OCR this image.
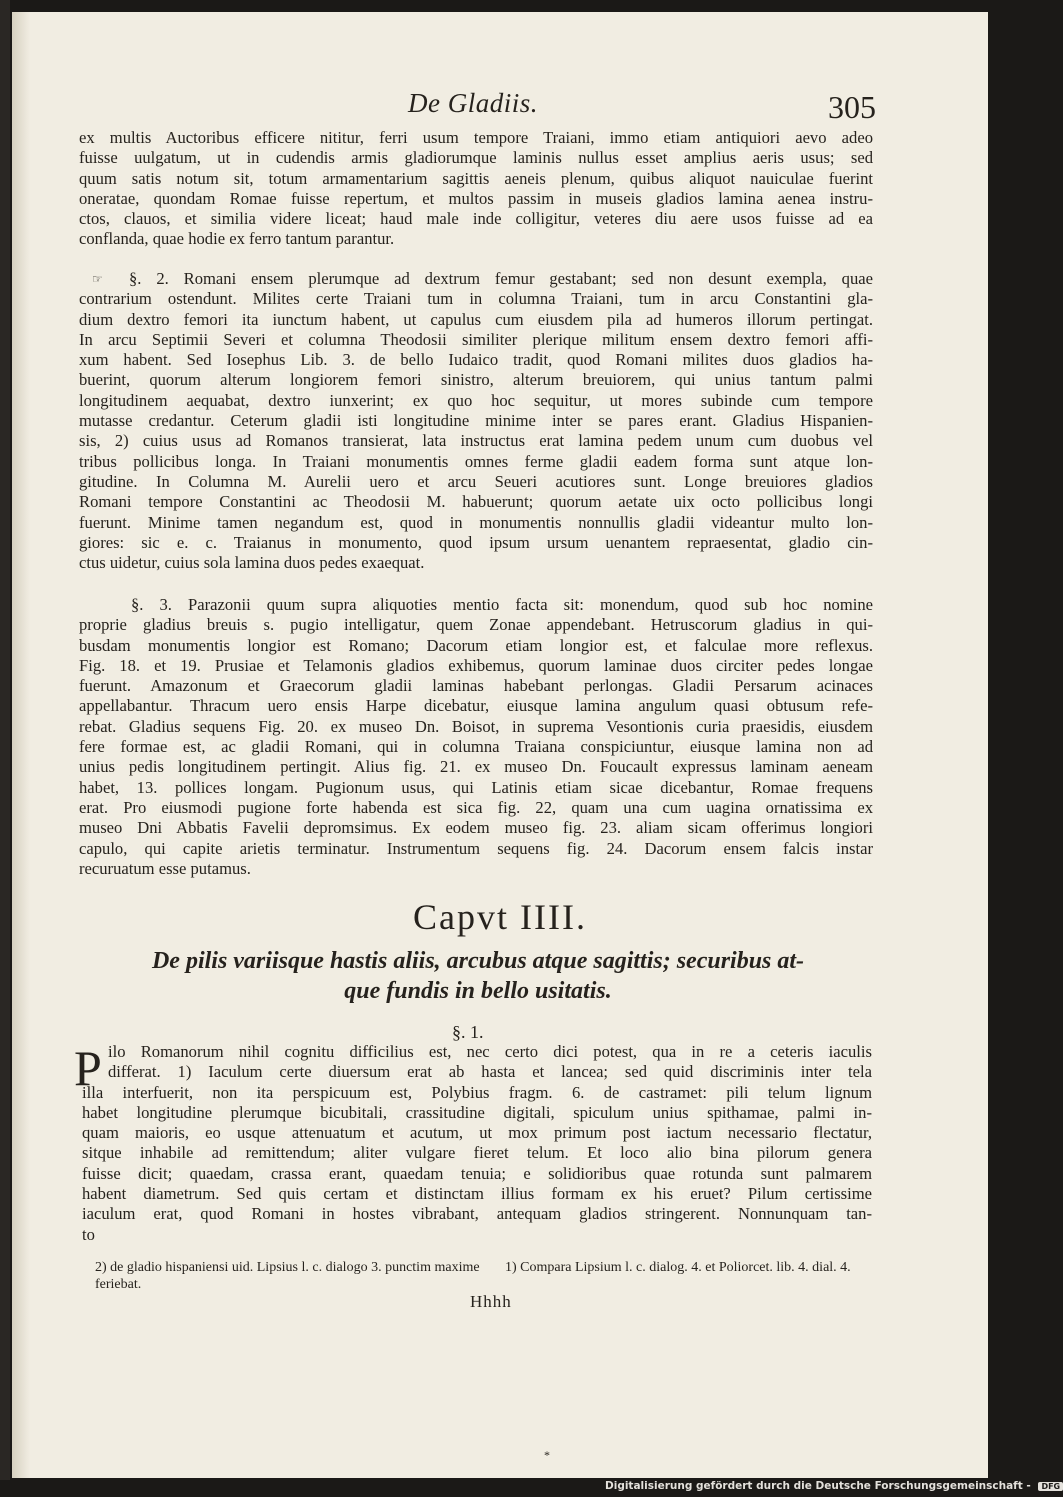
De Gladiis.	305
ex multis Auctoribus efficere nititur, ferri usum tempore Traiani, immo etiam antiquiori aevo adeo
fuisse uulgatum, ut in cudendis armis gladiorumque laminis nullus esset amplius aeris usus; sed
quum satis notum sit, totum armamentarium sagittis aeneis plenum, quibus aliquot nauiculae fuerint
oneratae, quondam Romae fuisse repertum, et multos passim in museis gladios lamina aenea instru-
ctos, clauos, et similia videre liceat; haud male inde colligitur, veteres diu aere usos fuisse ad ea
conflanda, quae hodie ex ferro tantum parantur.
☞	§. 2. Romani ensem plerumque ad dextrum femur gestabant; sed non desunt exempla, quae
contrarium ostendunt. Milites certe Traiani tum in columna Traiani, tum in arcu Constantini gla-
dium dextro femori ita iunctum habent, ut capulus cum eiusdem pila ad humeros illorum pertingat.
In arcu Septimii Severi et columna Theodosii similiter plerique militum ensem dextro femori affi-
xum habent. Sed Iosephus Lib. 3. de bello Iudaico tradit, quod Romani milites duos gladios ha-
buerint, quorum alterum longiorem femori sinistro, alterum breuiorem, qui unius tantum palmi
longitudinem aequabat, dextro iunxerint; ex quo hoc sequitur, ut mores subinde cum tempore
mutasse credantur. Ceterum gladii isti longitudine minime inter se pares erant. Gladius Hispanien-
sis, 2) cuius usus ad Romanos transierat, lata instructus erat lamina pedem unum cum duobus vel
tribus pollicibus longa. In Traiani monumentis omnes ferme gladii eadem forma sunt atque lon-
gitudine. In Columna M. Aurelii uero et arcu Seueri acutiores sunt. Longe breuiores gladios
Romani tempore Constantini ac Theodosii M. habuerunt; quorum aetate uix octo pollicibus longi
fuerunt. Minime tamen negandum est, quod in monumentis nonnullis gladii videantur multo lon-
giores: sic e. c. Traianus in monumento, quod ipsum ursum uenantem repraesentat, gladio cin-
ctus uidetur, cuius sola lamina duos pedes exaequat.
§. 3. Parazonii quum supra aliquoties mentio facta sit: monendum, quod sub hoc nomine
proprie gladius breuis s. pugio intelligatur, quem Zonae appendebant. Hetruscorum gladius in qui-
busdam monumentis longior est Romano; Dacorum etiam longior est, et falculae more reflexus.
Fig. 18. et 19. Prusiae et Telamonis gladios exhibemus, quorum laminae duos circiter pedes longae
fuerunt. Amazonum et Graecorum gladii laminas habebant perlongas. Gladii Persarum acinaces
appellabantur. Thracum uero ensis Harpe dicebatur, eiusque lamina angulum quasi obtusum refe-
rebat. Gladius sequens Fig. 20. ex museo Dn. Boisot, in suprema Vesontionis curia praesidis, eiusdem
fere formae est, ac gladii Romani, qui in columna Traiana conspiciuntur, eiusque lamina non ad
unius pedis longitudinem pertingit. Alius fig. 21. ex museo Dn. Foucault expressus laminam aeneam
habet, 13. pollices longam. Pugionum usus, qui Latinis etiam sicae dicebantur, Romae frequens
erat. Pro eiusmodi pugione forte habenda est sica fig. 22, quam una cum uagina ornatissima ex
museo Dni Abbatis Favelii depromsimus. Ex eodem museo fig. 23. aliam sicam offerimus longiori
capulo, qui capite arietis terminatur. Instrumentum sequens fig. 24. Dacorum ensem falcis instar
recuruatum esse putamus.
Capvt IIII.
De pilis variisque hastis aliis, arcubus atque sagittis; securibus at-
que fundis in bello usitatis.
§. 1.
P ilo Romanorum nihil cognitu difficilius est, nec certo dici potest, qua in re a ceteris iaculis
differat. 1) Iaculum certe diuersum erat ab hasta et lancea; sed quid discriminis inter tela
illa interfuerit, non ita perspicuum est, Polybius fragm. 6. de castramet: pili telum lignum
habet longitudine plerumque bicubitali, crassitudine digitali, spiculum unius spithamae, palmi in-
quam maioris, eo usque attenuatum et acutum, ut mox primum post iactum necessario flectatur,
sitque inhabile ad remittendum; aliter vulgare fieret telum. Et loco alio bina pilorum genera
fuisse dicit; quaedam, crassa erant, quaedam tenuia; e solidioribus quae rotunda sunt palmarem
habent diametrum. Sed quis certam et distinctam illius formam ex his eruet? Pilum certissime
iaculum erat, quod Romani in hostes vibrabant, antequam gladios stringerent. Nonnunquam tan-
to
2) de gladio hispaniensi uid. Lipsius l. c. dialogo 3. punctim maxime feriebat.
1) Compara Lipsium l. c. dialog. 4. et Poliorcet. lib. 4. dial. 4.
Hhhh
*
Digitalisierung gefördert durch die Deutsche Forschungsgemeinschaft - DFG
